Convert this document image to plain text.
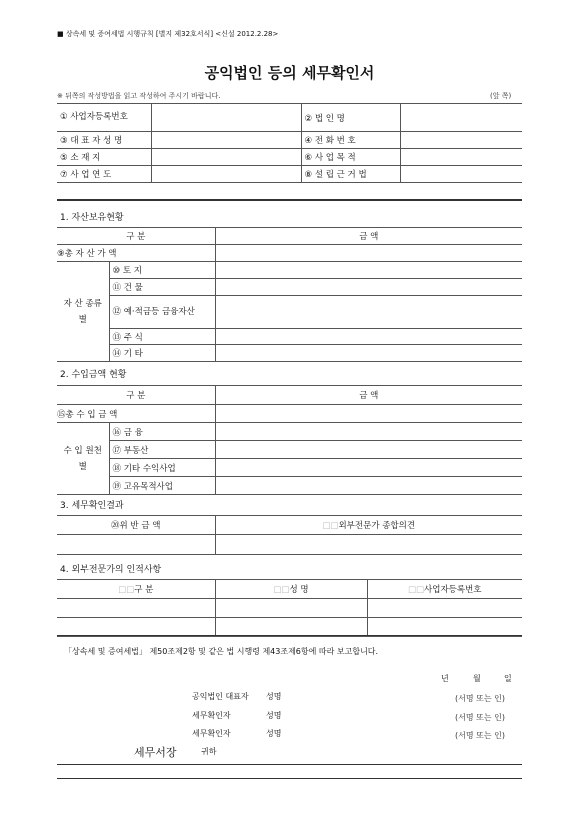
■ 상속세 및 증여세법 시행규칙 [별지 제32호서식] <신설 2012.2.28>
공익법인 등의 세무확인서
※ 뒤쪽의 작성방법을 읽고 작성하여 주시기 바랍니다.	(앞 쪽)
① 사업자등록번호		② 법 인 명	
③ 대 표 자 성 명		④ 전 화 번 호	
⑤ 소 재 지		⑥ 사 업 목 적	
⑦ 사 업 연 도		⑧ 설 립 근 거 법	
1. 자산보유현황
구 분		금 액
⑨총 자 산 가 액		
자 산 종류별	⑩ 토 지	
	⑪ 건 물	
	⑫ 예·적금등 금융자산	
	⑬ 주 식	
	⑭ 기 타	
2. 수입금액 현황
구 분		금 액
⑮총 수 입 금 액		
수 입 원천별	⑯ 금 융	
	⑰ 부동산	
	⑱ 기타 수익사업	
	⑲ 고유목적사업	
3. 세무확인결과
⑳위 반 금 액	□□외부전문가 종합의견

4. 외부전문가의 인적사항
□□구 분	□□성 명	□□사업자등록번호

「상속세 및 증여세법」 제50조제2항 및 같은 법 시행령 제43조제6항에 따라 보고합니다.
년	월	일
공익법인 대표자 성명	(서명 또는 인)
세무확인자	성명	(서명 또는 인)
세무확인자	성명	(서명 또는 인)
세무서장	귀하
